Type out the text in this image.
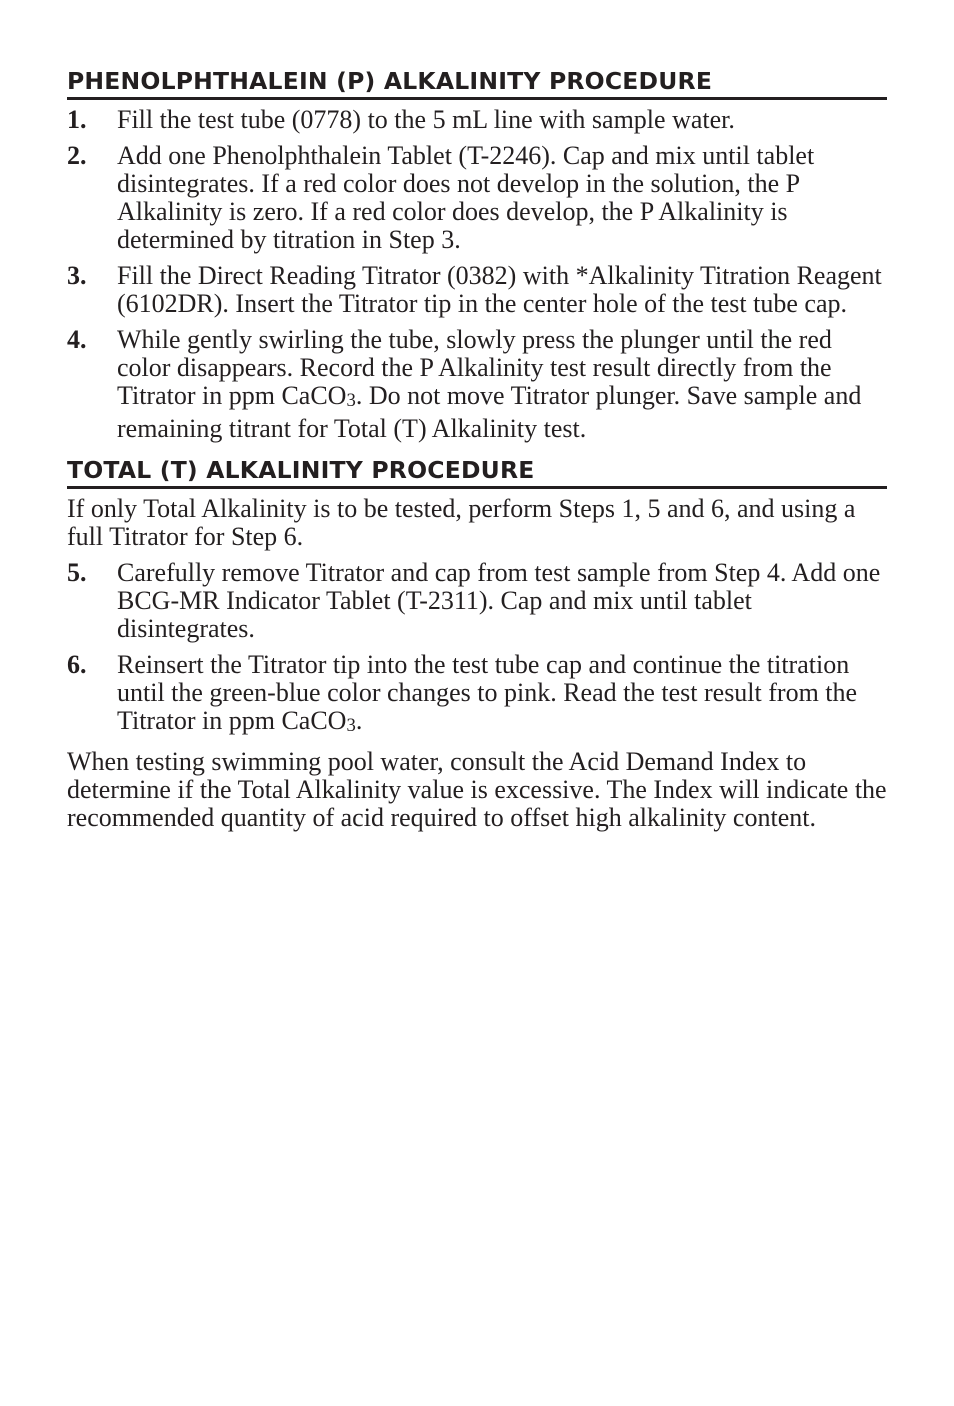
PHENOLPHTHALEIN (P) ALKALINITY PROCEDURE
1. Fill the test tube (0778) to the 5 mL line with sample water.
2. Add one Phenolphthalein Tablet (T-2246). Cap and mix until tablet disintegrates. If a red color does not develop in the solution, the P Alkalinity is zero. If a red color does develop, the P Alkalinity is determined by titration in Step 3.
3. Fill the Direct Reading Titrator (0382) with *Alkalinity Titration Reagent (6102DR). Insert the Titrator tip in the center hole of the test tube cap.
4. While gently swirling the tube, slowly press the plunger until the red color disappears. Record the P Alkalinity test result directly from the Titrator in ppm CaCO3. Do not move Titrator plunger. Save sample and remaining titrant for Total (T) Alkalinity test.
TOTAL (T) ALKALINITY PROCEDURE

If only Total Alkalinity is to be tested, perform Steps 1, 5 and 6, and using a full Titrator for Step 6.

5. Carefully remove Titrator and cap from test sample from Step 4. Add one BCG-MR Indicator Tablet (T-2311). Cap and mix until tablet disintegrates.
6. Reinsert the Titrator tip into the test tube cap and continue the titration until the green-blue color changes to pink. Read the test result from the Titrator in ppm CaCO3.

When testing swimming pool water, consult the Acid Demand Index to determine if the Total Alkalinity value is excessive. The Index will indicate the recommended quantity of acid required to offset high alkalinity content.
